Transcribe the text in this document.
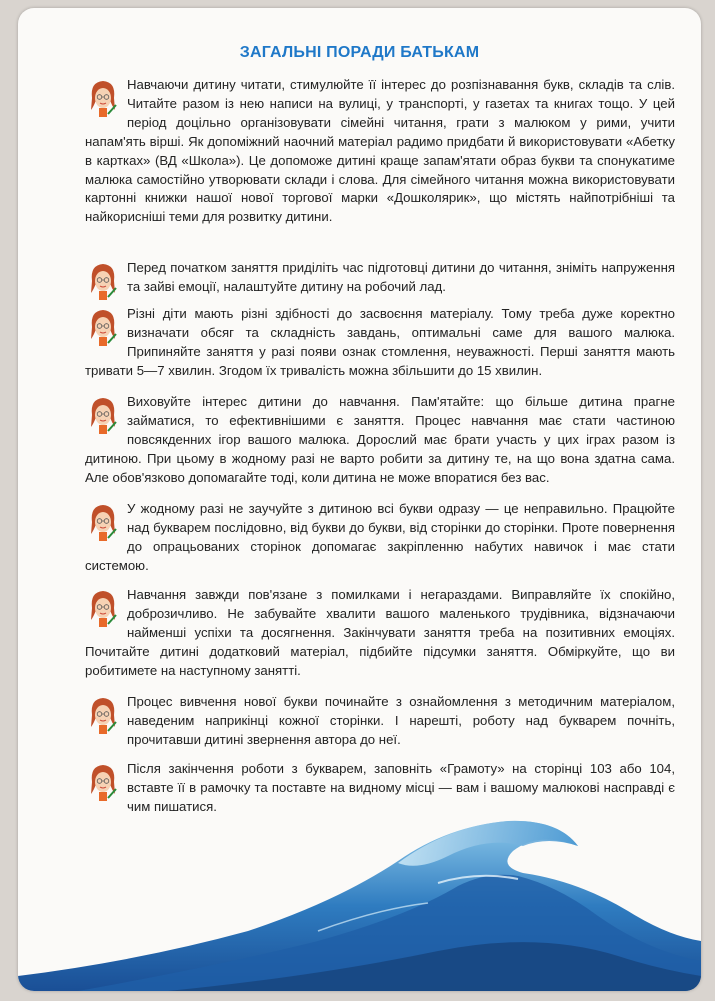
ЗАГАЛЬНІ ПОРАДИ БАТЬКАМ
Навчаючи дитину читати, стимулюйте її інтерес до розпізнавання букв, складів та слів. Читайте разом із нею написи на вулиці, у транспорті, у газетах та книгах тощо. У цей період доцільно організовувати сімейні читання, грати з малюком у рими, учити напам'ять вірші. Як допоміжний наочний матеріал радимо придбати й використовувати «Абетку в картках» (ВД «Школа»). Це допоможе дитині краще запам'ятати образ букви та спонукатиме малюка самостійно утворювати склади і слова. Для сімейного читання можна використовувати картонні книжки нашої нової торгової марки «Дошколярик», що містять найпотрібніші та найкорисніші теми для розвитку дитини.
Перед початком заняття приділіть час підготовці дитини до читання, зніміть напруження та зайві емоції, налаштуйте дитину на робочий лад.
Різні діти мають різні здібності до засвоєння матеріалу. Тому треба дуже коректно визначати обсяг та складність завдань, оптимальні саме для вашого малюка. Припиняйте заняття у разі появи ознак стомлення, неуважності. Перші заняття мають тривати 5—7 хвилин. Згодом їх тривалість можна збільшити до 15 хвилин.
Виховуйте інтерес дитини до навчання. Пам'ятайте: що більше дитина прагне займатися, то ефективнішими є заняття. Процес навчання має стати частиною повсякденних ігор вашого малюка. Дорослий має брати участь у цих іграх разом із дитиною. При цьому в жодному разі не варто робити за дитину те, на що вона здатна сама. Але обов'язково допомагайте тоді, коли дитина не може впоратися без вас.
У жодному разі не заучуйте з дитиною всі букви одразу — це неправильно. Працюйте над букварем послідовно, від букви до букви, від сторінки до сторінки. Проте повернення до опрацьованих сторінок допомагає закріпленню набутих навичок і має стати системою.
Навчання завжди пов'язане з помилками і негараздами. Виправляйте їх спокійно, доброзичливо. Не забувайте хвалити вашого маленького трудівника, відзначаючи найменші успіхи та досягнення. Закінчувати заняття треба на позитивних емоціях. Почитайте дитині додатковий матеріал, підбийте підсумки заняття. Обміркуйте, що ви робитимете на наступному занятті.
Процес вивчення нової букви починайте з ознайомлення з методичним матеріалом, наведеним наприкінці кожної сторінки. І нарешті, роботу над букварем почніть, прочитавши дитині звернення автора до неї.
Після закінчення роботи з букварем, заповніть «Грамоту» на сторінці 103 або 104, вставте її в рамочку та поставте на видному місці — вам і вашому малюкові насправді є чим пишатися.
